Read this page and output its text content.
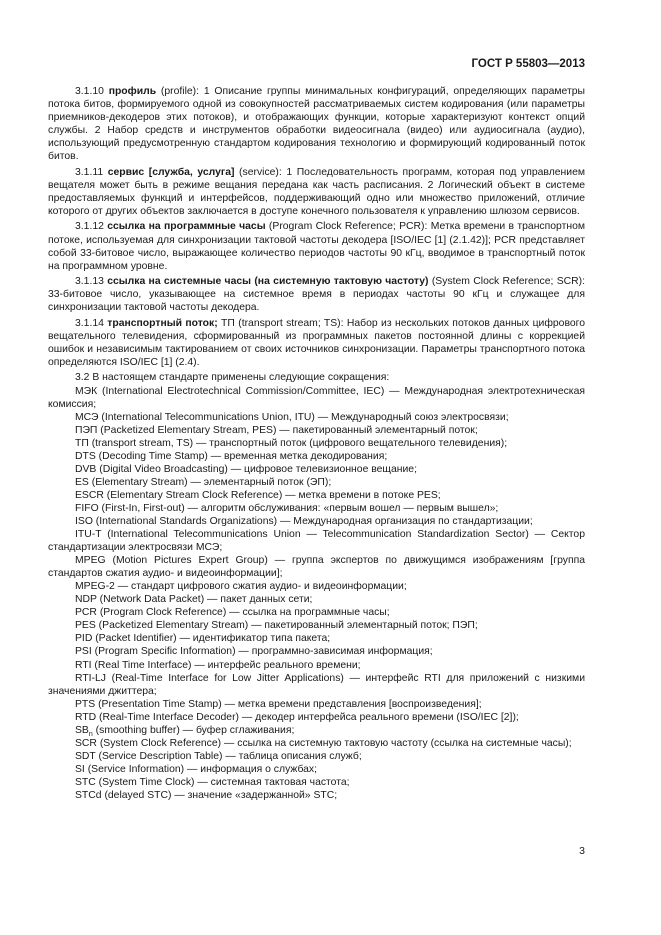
ГОСТ Р 55803—2013

3.1.10 профиль (profile): 1 Описание группы минимальных конфигураций, определяющих параметры потока битов, формируемого одной из совокупностей рассматриваемых систем кодирования (или параметры приемников-декодеров этих потоков), и отображающих функции, которые характеризуют контекст опций службы. 2 Набор средств и инструментов обработки видеосигнала (видео) или аудиосигнала (аудио), использующий предусмотренную стандартом кодирования технологию и формирующий кодированный поток битов.

3.1.11 сервис [служба, услуга] (service): 1 Последовательность программ, которая под управлением вещателя может быть в режиме вещания передана как часть расписания. 2 Логический объект в системе предоставляемых функций и интерфейсов, поддерживающий одно или множество приложений, отличие которого от других объектов заключается в доступе конечного пользователя к управлению шлюзом сервисов.

3.1.12 ссылка на программные часы (Program Clock Reference; PCR): Метка времени в транспортном потоке, используемая для синхронизации тактовой частоты декодера [ISO/IEC [1] (2.1.42)]; PCR представляет собой 33-битовое число, выражающее количество периодов частоты 90 кГц, вводимое в транспортный поток на программном уровне.

3.1.13 ссылка на системные часы (на системную тактовую частоту) (System Clock Reference; SCR): 33-битовое число, указывающее на системное время в периодах частоты 90 кГц и служащее для синхронизации тактовой частоты декодера.

3.1.14 транспортный поток; ТП (transport stream; TS): Набор из нескольких потоков данных цифрового вещательного телевидения, сформированный из программных пакетов постоянной длины с коррекцией ошибок и независимым тактированием от своих источников синхронизации. Параметры транспортного потока определяются ISO/IEC [1] (2.4).

3.2 В настоящем стандарте применены следующие сокращения:

МЭК (International Electrotechnical Commission/Committee, IEC) — Международная электротехническая комиссия;

МСЭ (International Telecommunications Union, ITU) — Международный союз электросвязи;

ПЭП (Packetized Elementary Stream, PES) — пакетированный элементарный поток;

ТП (transport stream, TS) — транспортный поток (цифрового вещательного телевидения);

DTS (Decoding Time Stamp) — временная метка декодирования;

DVB (Digital Video Broadcasting) — цифровое телевизионное вещание;

ES (Elementary Stream) — элементарный поток (ЭП);

ESCR (Elementary Stream Clock Reference) — метка времени в потоке PES;

FIFO (First-In, First-out) — алгоритм обслуживания: «первым вошел — первым вышел»;

ISO (International Standards Organizations) — Международная организация по стандартизации;

ITU-T (International Telecommunications Union — Telecommunication Standardization Sector) — Сектор стандартизации электросвязи МСЭ;

MPEG (Motion Pictures Expert Group) — группа экспертов по движущимся изображениям [группа стандартов сжатия аудио- и видеоинформации];

MPEG-2 — стандарт цифрового сжатия аудио- и видеоинформации;

NDP (Network Data Packet) — пакет данных сети;

PCR (Program Clock Reference) — ссылка на программные часы;

PES (Packetized Elementary Stream) — пакетированный элементарный поток; ПЭП;

PID (Packet Identifier) — идентификатор типа пакета;

PSI (Program Specific Information) — программно-зависимая информация;

RTI (Real Time Interface) — интерфейс реального времени;

RTI-LJ (Real-Time Interface for Low Jitter Applications) — интерфейс RTI для приложений с низкими значениями джиттера;

PTS (Presentation Time Stamp) — метка времени представления [воспроизведения];

RTD (Real-Time Interface Decoder) — декодер интерфейса реального времени (ISO/IEC [2]);

$SB_n$ (smoothing buffer) — буфер сглаживания;

SCR (System Clock Reference) — ссылка на системную тактовую частоту (ссылка на системные часы);

SDT (Service Description Table) — таблица описания служб;

SI (Service Information) — информация о службах;

STC (System Time Clock) — системная тактовая частота;

STCd (delayed STC) — значение «задержанной» STC;

3
